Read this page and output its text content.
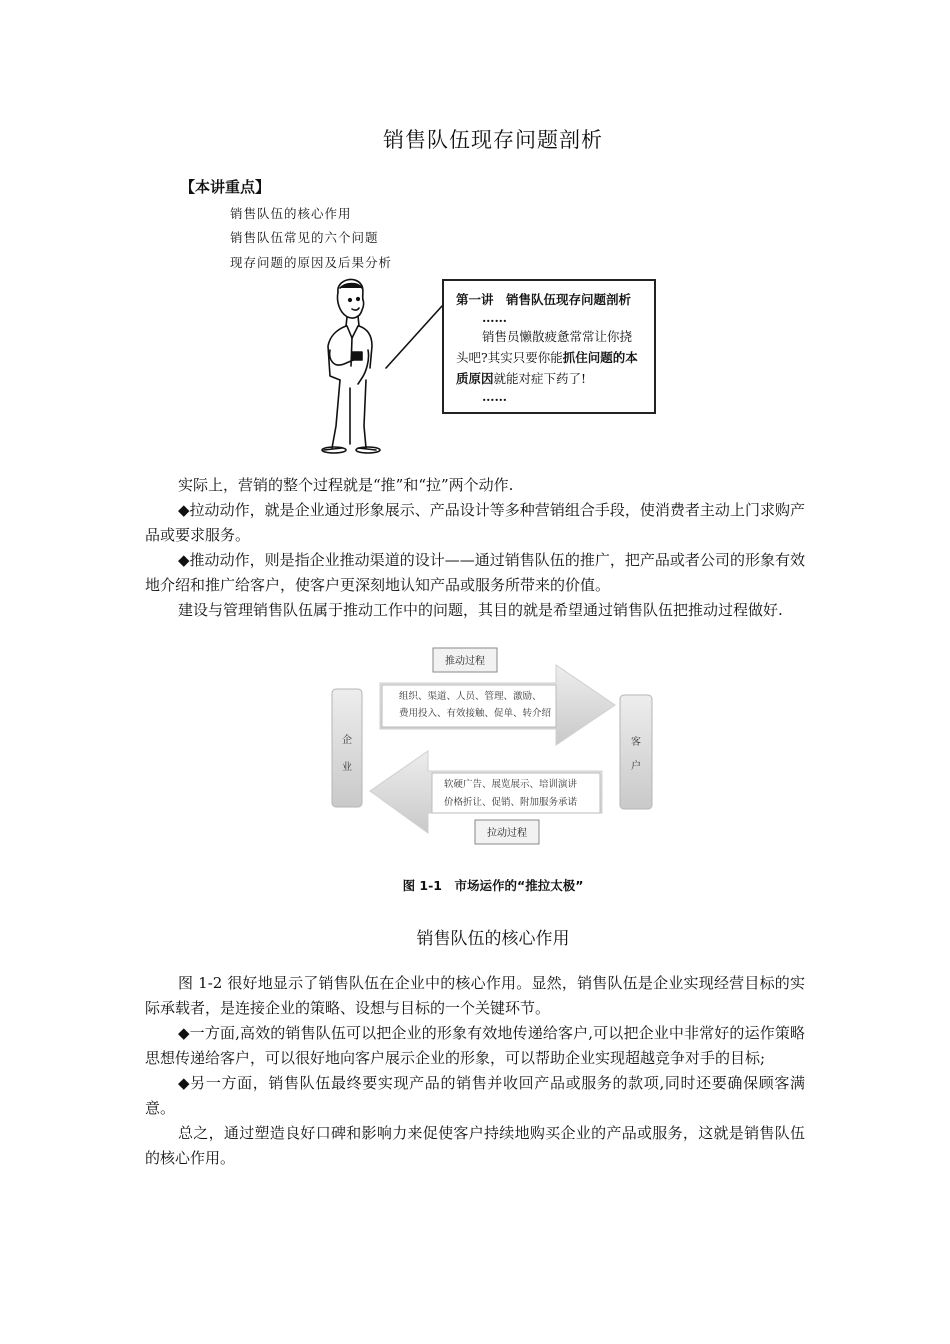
销售队伍现存问题剖析
【本讲重点】
销售队伍的核心作用
销售队伍常见的六个问题
现存问题的原因及后果分析
第一讲　销售队伍现存问题剖析
……
销售员懒散疲惫常常让你挠头吧?其实只要你能抓住问题的本质原因就能对症下药了!
……

实际上，营销的整个过程就是“推”和“拉”两个动作.

◆拉动动作，就是企业通过形象展示、产品设计等多种营销组合手段，使消费者主动上门求购产品或要求服务。

◆推动动作，则是指企业推动渠道的设计——通过销售队伍的推广，把产品或者公司的形象有效地介绍和推广给客户，使客户更深刻地认知产品或服务所带来的价值。

建设与管理销售队伍属于推动工作中的问题，其目的就是希望通过销售队伍把推动过程做好.

组织、渠道、人员、管理、激励、
费用投入、有效接触、促单、转介绍
软硬广告、展览展示、培训演讲
价格折让、促销、附加服务承诺
企
业
客
户
推动过程
拉动过程
图 1-1　市场运作的“推拉太极”
销售队伍的核心作用

图 1-2 很好地显示了销售队伍在企业中的核心作用。显然，销售队伍是企业实现经营目标的实际承载者，是连接企业的策略、设想与目标的一个关键环节。

◆一方面,高效的销售队伍可以把企业的形象有效地传递给客户,可以把企业中非常好的运作策略思想传递给客户，可以很好地向客户展示企业的形象，可以帮助企业实现超越竞争对手的目标;

◆另一方面，销售队伍最终要实现产品的销售并收回产品或服务的款项,同时还要确保顾客满意。

总之，通过塑造良好口碑和影响力来促使客户持续地购买企业的产品或服务，这就是销售队伍的核心作用。
